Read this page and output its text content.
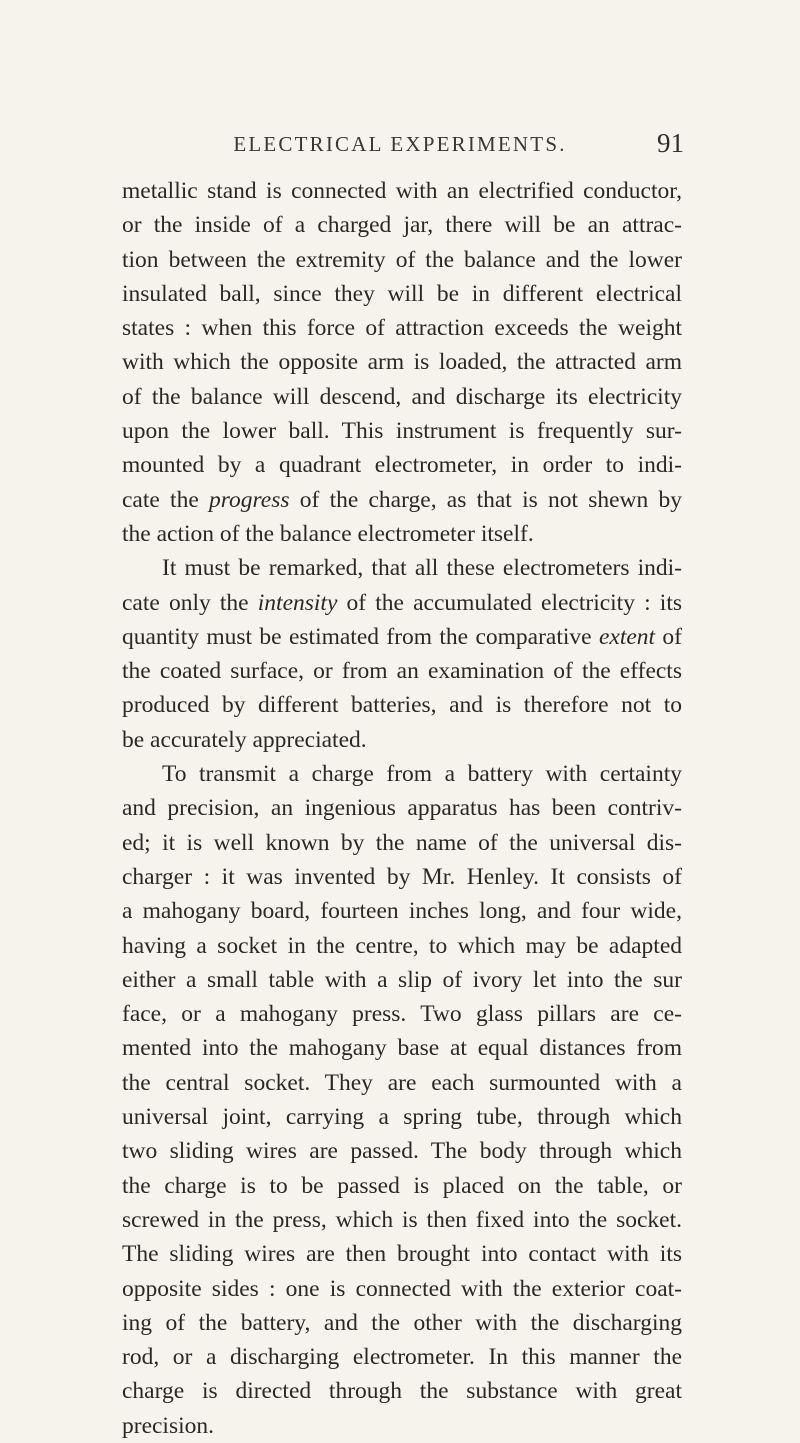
ELECTRICAL EXPERIMENTS.	91
metallic stand is connected with an electrified conductor,
or the inside of a charged jar, there will be an attrac-
tion between the extremity of the balance and the lower
insulated ball, since they will be in different electrical
states : when this force of attraction exceeds the weight
with which the opposite arm is loaded, the attracted arm
of the balance will descend, and discharge its electricity
upon the lower ball. This instrument is frequently sur-
mounted by a quadrant electrometer, in order to indi-
cate the progress of the charge, as that is not shewn by
the action of the balance electrometer itself.
It must be remarked, that all these electrometers indi-
cate only the intensity of the accumulated electricity : its
quantity must be estimated from the comparative extent of
the coated surface, or from an examination of the effects
produced by different batteries, and is therefore not to
be accurately appreciated.
To transmit a charge from a battery with certainty
and precision, an ingenious apparatus has been contriv-
ed; it is well known by the name of the universal dis-
charger : it was invented by Mr. Henley. It consists of
a mahogany board, fourteen inches long, and four wide,
having a socket in the centre, to which may be adapted
either a small table with a slip of ivory let into the sur
face, or a mahogany press. Two glass pillars are ce-
mented into the mahogany base at equal distances from
the central socket. They are each surmounted with a
universal joint, carrying a spring tube, through which
two sliding wires are passed. The body through which
the charge is to be passed is placed on the table, or
screwed in the press, which is then fixed into the socket.
The sliding wires are then brought into contact with its
opposite sides : one is connected with the exterior coat-
ing of the battery, and the other with the discharging
rod, or a discharging electrometer. In this manner the
charge is directed through the substance with great
precision.
